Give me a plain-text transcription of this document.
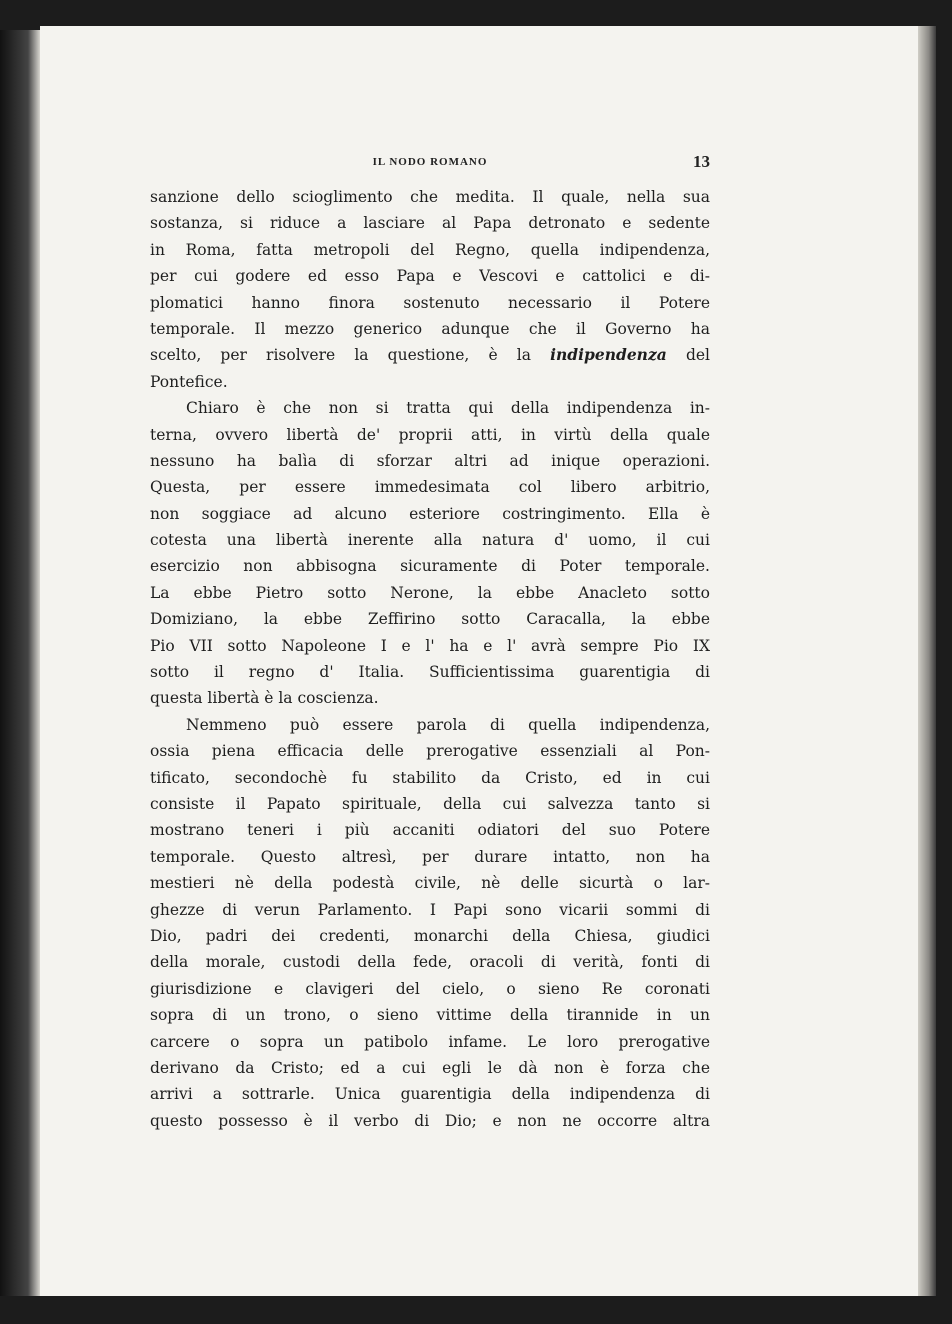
IL NODO ROMANO	13
sanzione dello scioglimento che medita. Il quale, nella sua
sostanza, si riduce a lasciare al Papa detronato e sedente
in Roma, fatta metropoli del Regno, quella indipendenza,
per cui godere ed esso Papa e Vescovi e cattolici e di-
plomatici hanno finora sostenuto necessario il Potere
temporale. Il mezzo generico adunque che il Governo ha
scelto, per risolvere la questione, è la indipendenza del
Pontefice.
Chiaro è che non si tratta qui della indipendenza in-
terna, ovvero libertà de' proprii atti, in virtù della quale
nessuno ha balìa di sforzar altri ad inique operazioni.
Questa, per essere immedesimata col libero arbitrio,
non soggiace ad alcuno esteriore costringimento. Ella è
cotesta una libertà inerente alla natura d' uomo, il cui
esercizio non abbisogna sicuramente di Poter temporale.
La ebbe Pietro sotto Nerone, la ebbe Anacleto sotto
Domiziano, la ebbe Zeffirino sotto Caracalla, la ebbe
Pio VII sotto Napoleone I e l' ha e l' avrà sempre Pio IX
sotto il regno d' Italia. Sufficientissima guarentigia di
questa libertà è la coscienza.
Nemmeno può essere parola di quella indipendenza,
ossia piena efficacia delle prerogative essenziali al Pon-
tificato, secondochè fu stabilito da Cristo, ed in cui
consiste il Papato spirituale, della cui salvezza tanto si
mostrano teneri i più accaniti odiatori del suo Potere
temporale. Questo altresì, per durare intatto, non ha
mestieri nè della podestà civile, nè delle sicurtà o lar-
ghezze di verun Parlamento. I Papi sono vicarii sommi di
Dio, padri dei credenti, monarchi della Chiesa, giudici
della morale, custodi della fede, oracoli di verità, fonti di
giurisdizione e clavigeri del cielo, o sieno Re coronati
sopra di un trono, o sieno vittime della tirannide in un
carcere o sopra un patibolo infame. Le loro prerogative
derivano da Cristo; ed a cui egli le dà non è forza che
arrivi a sottrarle. Unica guarentigia della indipendenza di
questo possesso è il verbo di Dio; e non ne occorre altra
